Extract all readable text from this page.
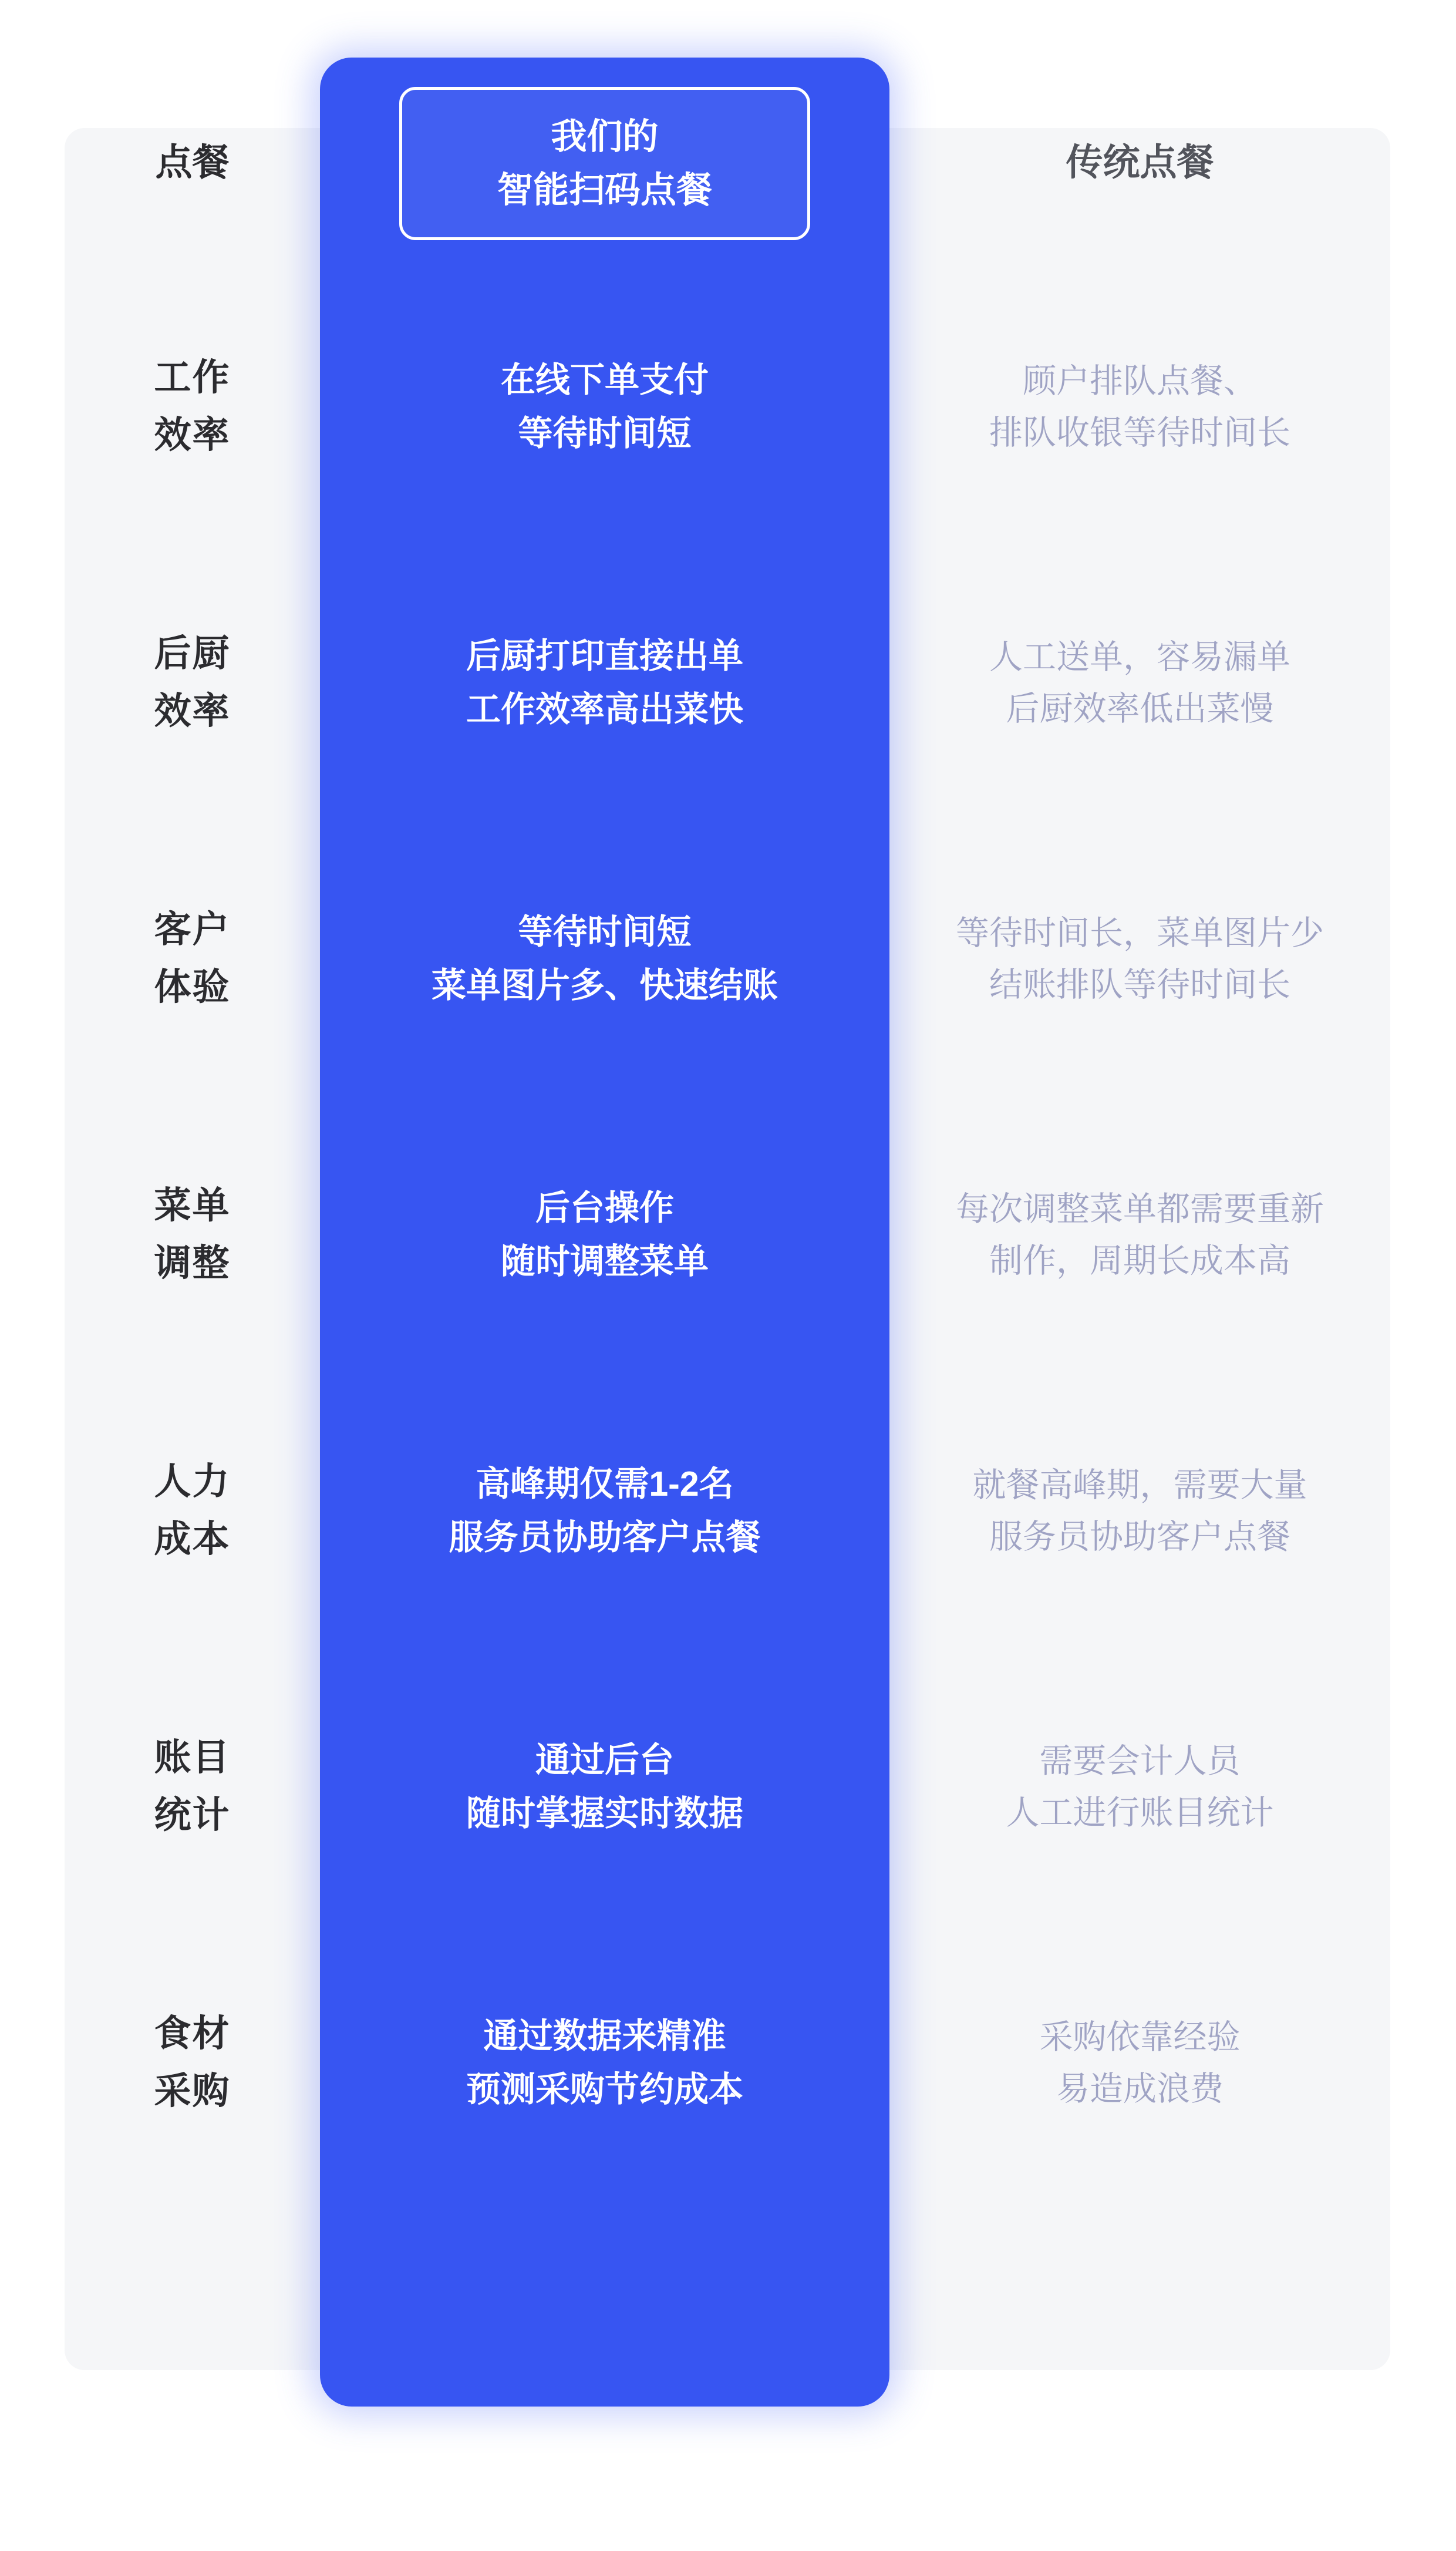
点餐
我们的
智能扫码点餐
传统点餐
工作
效率
在线下单支付
等待时间短
顾户排队点餐、
排队收银等待时间长
后厨
效率
后厨打印直接出单
工作效率高出菜快
人工送单，容易漏单
后厨效率低出菜慢
客户
体验
等待时间短
菜单图片多、快速结账
等待时间长，菜单图片少
结账排队等待时间长
菜单
调整
后台操作
随时调整菜单
每次调整菜单都需要重新
制作，周期长成本高
人力
成本
高峰期仅需1-2名
服务员协助客户点餐
就餐高峰期，需要大量
服务员协助客户点餐
账目
统计
通过后台
随时掌握实时数据
需要会计人员
人工进行账目统计
食材
采购
通过数据来精准
预测采购节约成本
采购依靠经验
易造成浪费
